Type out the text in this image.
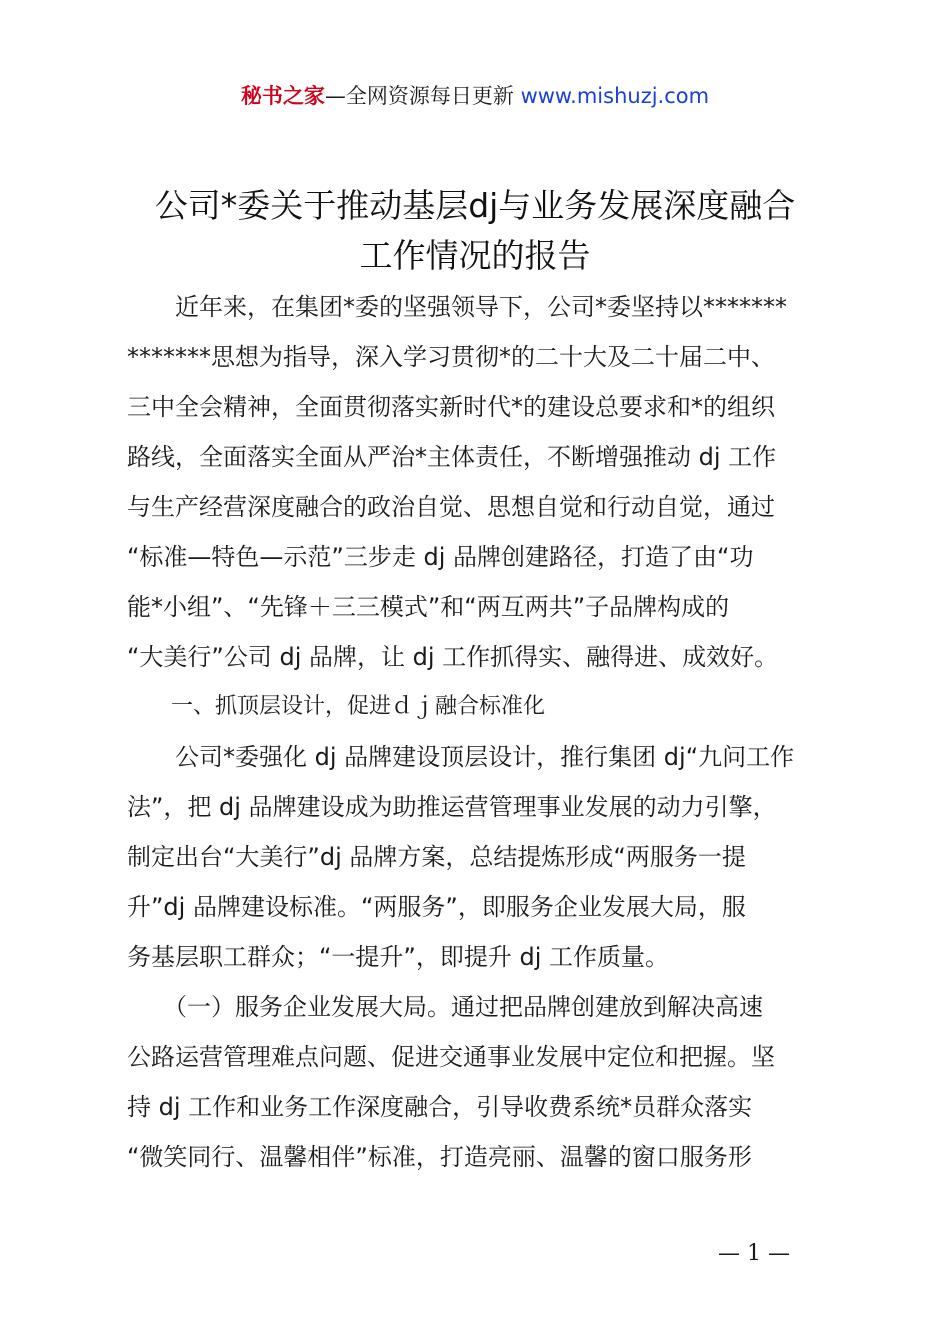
秘书之家—全网资源每日更新 www.mishuzj.com
公司*委关于推动基层dj与业务发展深度融合
工作情况的报告
　　近年来，在集团*委的坚强领导下，公司*委坚持以*******
*******思想为指导，深入学习贯彻*的二十大及二十届二中、
三中全会精神，全面贯彻落实新时代*的建设总要求和*的组织
路线，全面落实全面从严治*主体责任，不断增强推动 dj 工作
与生产经营深度融合的政治自觉、思想自觉和行动自觉，通过
“标准—特色—示范”三步走 dj 品牌创建路径，打造了由“功
能*小组”、“先锋＋三三模式”和“两互两共”子品牌构成的
“大美行”公司 dj 品牌，让 dj 工作抓得实、融得进、成效好。
　　一、抓顶层设计，促进ｄｊ融合标准化
　　公司*委强化 dj 品牌建设顶层设计，推行集团 dj“九问工作
法”，把 dj 品牌建设成为助推运营管理事业发展的动力引擎，
制定出台“大美行”dj 品牌方案，总结提炼形成“两服务一提
升”dj 品牌建设标准。“两服务”，即服务企业发展大局，服
务基层职工群众；“一提升”，即提升 dj 工作质量。
　　（一）服务企业发展大局。通过把品牌创建放到解决高速
公路运营管理难点问题、促进交通事业发展中定位和把握。坚
持 dj 工作和业务工作深度融合，引导收费系统*员群众落实
“微笑同行、温馨相伴”标准，打造亮丽、温馨的窗口服务形
— 1 —
